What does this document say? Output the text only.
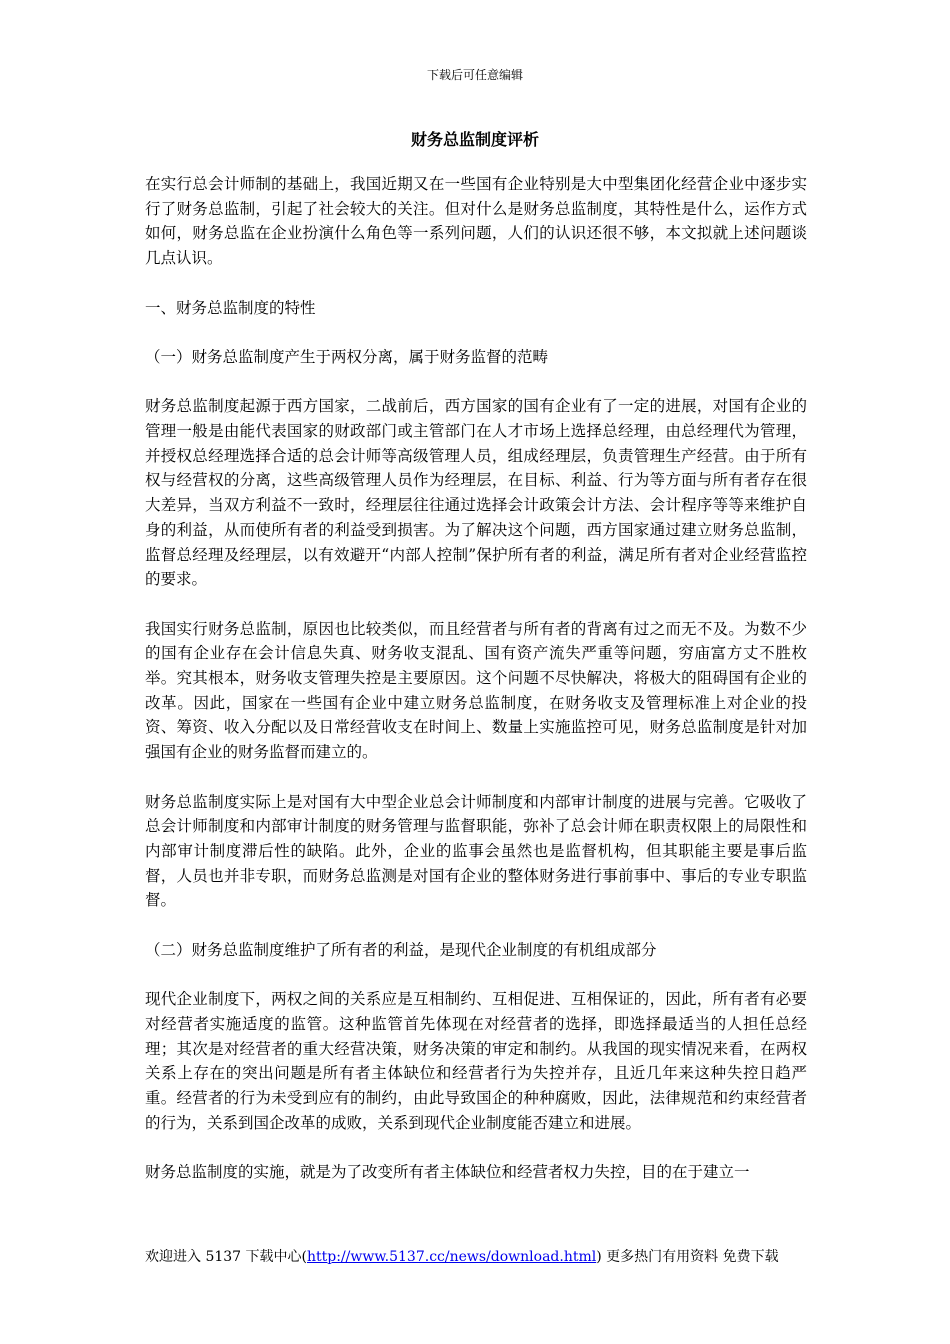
下载后可任意编辑
财务总监制度评析

在实行总会计师制的基础上，我国近期又在一些国有企业特别是大中型集团化经营企业中逐步实行了财务总监制，引起了社会较大的关注。但对什么是财务总监制度，其特性是什么，运作方式如何，财务总监在企业扮演什么角色等一系列问题，人们的认识还很不够，本文拟就上述问题谈几点认识。

一、财务总监制度的特性

（一）财务总监制度产生于两权分离，属于财务监督的范畴

财务总监制度起源于西方国家，二战前后，西方国家的国有企业有了一定的进展，对国有企业的管理一般是由能代表国家的财政部门或主管部门在人才市场上选择总经理，由总经理代为管理，并授权总经理选择合适的总会计师等高级管理人员，组成经理层，负责管理生产经营。由于所有权与经营权的分离，这些高级管理人员作为经理层，在目标、利益、行为等方面与所有者存在很大差异，当双方利益不一致时，经理层往往通过选择会计政策会计方法、会计程序等等来维护自身的利益，从而使所有者的利益受到损害。为了解决这个问题，西方国家通过建立财务总监制，监督总经理及经理层，以有效避开“内部人控制”保护所有者的利益，满足所有者对企业经营监控的要求。

我国实行财务总监制，原因也比较类似，而且经营者与所有者的背离有过之而无不及。为数不少的国有企业存在会计信息失真、财务收支混乱、国有资产流失严重等问题，穷庙富方丈不胜枚举。究其根本，财务收支管理失控是主要原因。这个问题不尽快解决，将极大的阻碍国有企业的改革。因此，国家在一些国有企业中建立财务总监制度，在财务收支及管理标准上对企业的投资、筹资、收入分配以及日常经营收支在时间上、数量上实施监控可见，财务总监制度是针对加强国有企业的财务监督而建立的。

财务总监制度实际上是对国有大中型企业总会计师制度和内部审计制度的进展与完善。它吸收了总会计师制度和内部审计制度的财务管理与监督职能，弥补了总会计师在职责权限上的局限性和内部审计制度滞后性的缺陷。此外，企业的监事会虽然也是监督机构，但其职能主要是事后监督，人员也并非专职，而财务总监测是对国有企业的整体财务进行事前事中、事后的专业专职监督。

（二）财务总监制度维护了所有者的利益，是现代企业制度的有机组成部分

现代企业制度下，两权之间的关系应是互相制约、互相促进、互相保证的，因此，所有者有必要对经营者实施适度的监管。这种监管首先体现在对经营者的选择，即选择最适当的人担任总经理；其次是对经营者的重大经营决策，财务决策的审定和制约。从我国的现实情况来看，在两权关系上存在的突出问题是所有者主体缺位和经营者行为失控并存，且近几年来这种失控日趋严重。经营者的行为未受到应有的制约，由此导致国企的种种腐败，因此，法律规范和约束经营者的行为，关系到国企改革的成败，关系到现代企业制度能否建立和进展。

财务总监制度的实施，就是为了改变所有者主体缺位和经营者权力失控，目的在于建立一

欢迎进入 5137 下载中心(http://www.5137.cc/news/download.html) 更多热门有用资料 免费下载
